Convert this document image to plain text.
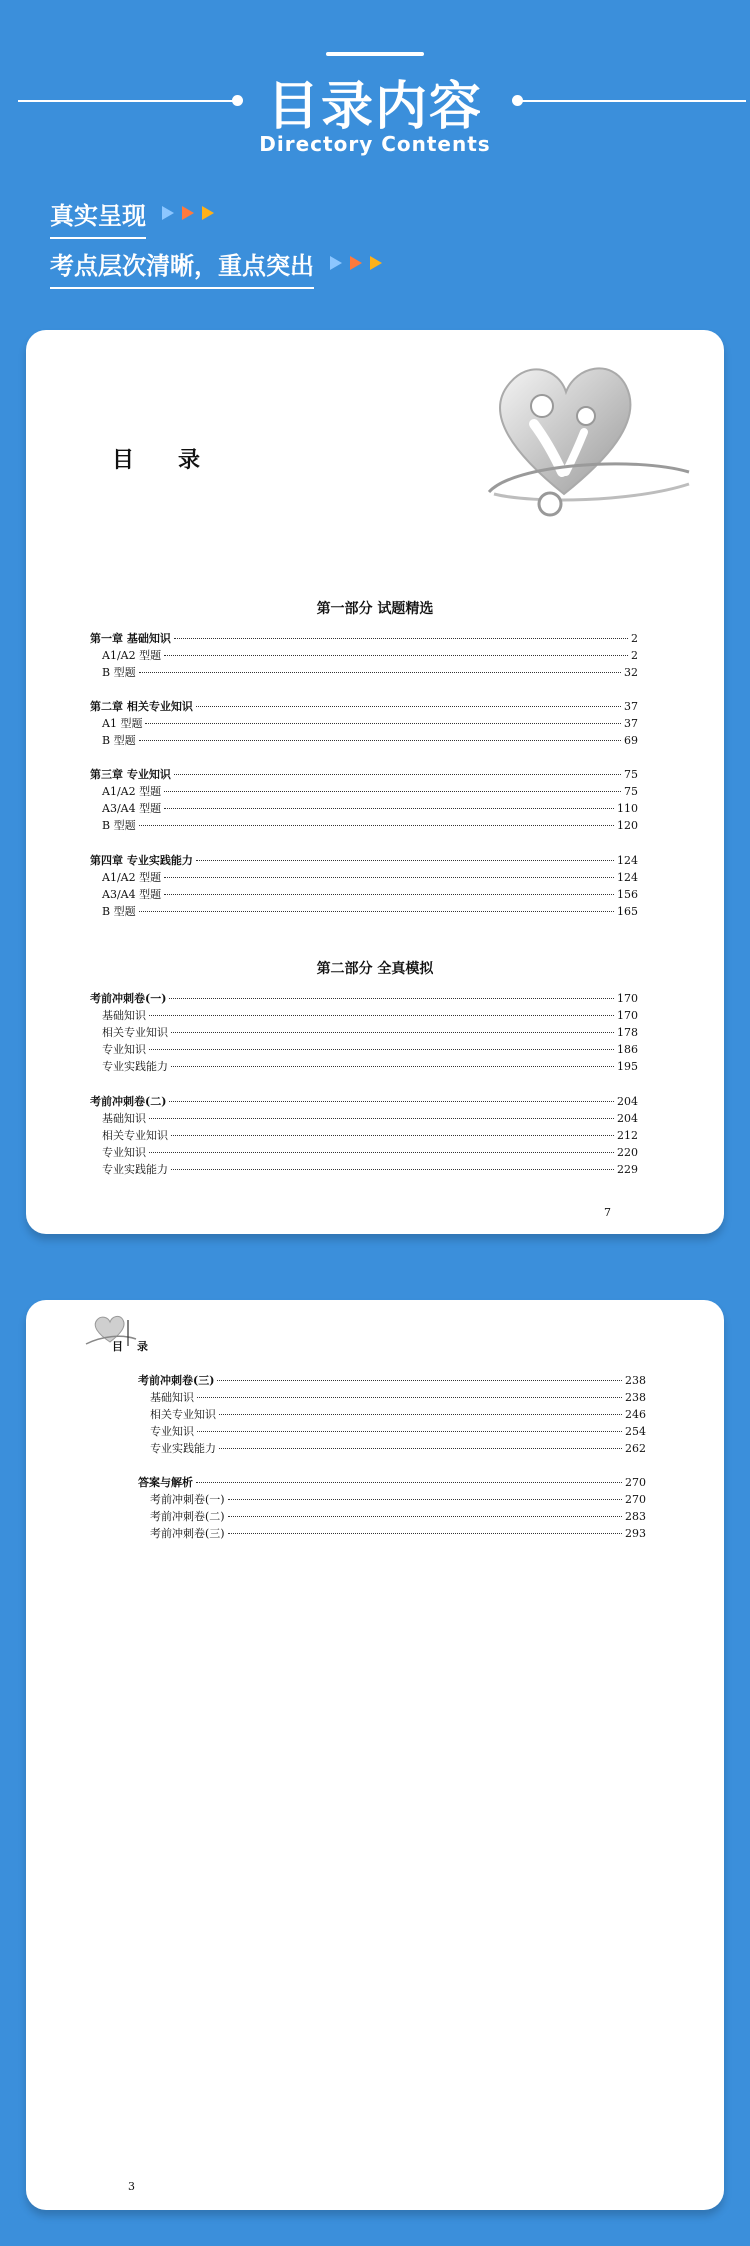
目录内容
Directory Contents
真实呈现
考点层次清晰，重点突出
目录
第一部分 试题精选
第一章 基础知识	2
A1/A2 型题	2
B 型题	32
第二章 相关专业知识	37
A1 型题	37
B 型题	69
第三章 专业知识	75
A1/A2 型题	75
A3/A4 型题	110
B 型题	120
第四章 专业实践能力	124
A1/A2 型题	124
A3/A4 型题	156
B 型题	165
第二部分 全真模拟
考前冲刺卷(一)	170
基础知识	170
相关专业知识	178
专业知识	186
专业实践能力	195
考前冲刺卷(二)	204
基础知识	204
相关专业知识	212
专业知识	220
专业实践能力	229
7
目录
考前冲刺卷(三)	238
基础知识	238
相关专业知识	246
专业知识	254
专业实践能力	262
答案与解析	270
考前冲刺卷(一)	270
考前冲刺卷(二)	283
考前冲刺卷(三)	293
3
